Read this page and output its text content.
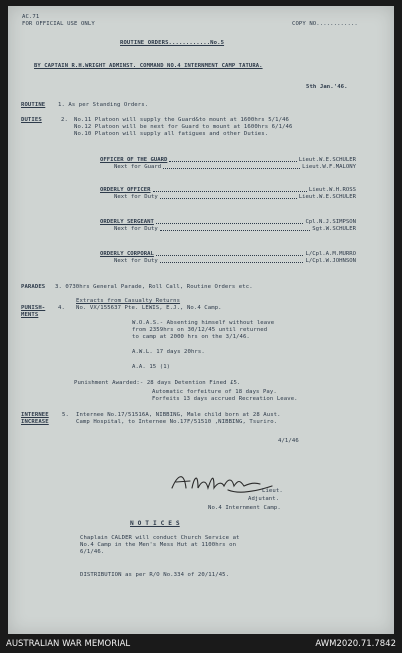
AC.71
FOR OFFICIAL USE ONLY	COPY NO............
ROUTINE ORDERS............No.5
BY CAPTAIN R.H.WRIGHT ADMINST. COMMAND NO.4 INTERNMENT CAMP TATURA.
5th Jan.'46.
ROUTINE 1. As per Standing Orders.
DUTIES	2. No.11 Platoon will supply the Guard&to mount at 1600hrs 5/1/46
No.12 Platoon will be next for Guard to mount at 1600hrs 6/1/46
No.10 Platoon will supply all fatigues and other Duties.
OFFICER OF THE GUARD	Lieut.W.E.SCHULER
Next for Guard	Lieut.W.F.MALONY
ORDERLY OFFICER	Lieut.W.H.ROSS
Next for Duty	Lieut.W.E.SCHULER
ORDERLY SERGEANT	Cpl.N.J.SIMPSON
Next for Duty	Sgt.W.SCHULER
ORDERLY CORPORAL	L/Cpl.A.M.MURRO
Next for Duty	L/Cpl.W.JOHNSON
PARADES 3. 0730hrs General Parade, Roll Call, Routine Orders etc.
PUNISH-
MENTS
4.
Extracts from Casualty Returns
No. VX/155637 Pte. LEWIS, E.J., No.4 Camp.
W.O.A.S.- Absenting himself without leave
from 2359hrs on 30/12/45 until returned
to camp at 2000 hrs on the 3/1/46.
A.W.L. 17 days 20hrs.
A.A. 15 (1)
Punishment Awarded:- 28 days Detention Fined £5.
Automatic forfeiture of 18 days Pay.
Forfeits 13 days accrued Recreation Leave.
INTERNEE
INCREASE
5. Internee No.17/51516A, NIBBING, Male child born at 28 Aust.
Camp Hospital, to Internee No.17F/51510 ,NIBBING, Tsuriro.
4/1/46
Lieut.
Adjutant.
No.4 Internment Camp.
N O T I C E S
Chaplain CALDER will conduct Church Service at
No.4 Camp in the Men's Mess Hut at 1100hrs on
6/1/46.
DISTRIBUTION as per R/O No.334 of 20/11/45.
AUSTRALIAN WAR MEMORIAL	AWM2020.71.7842
